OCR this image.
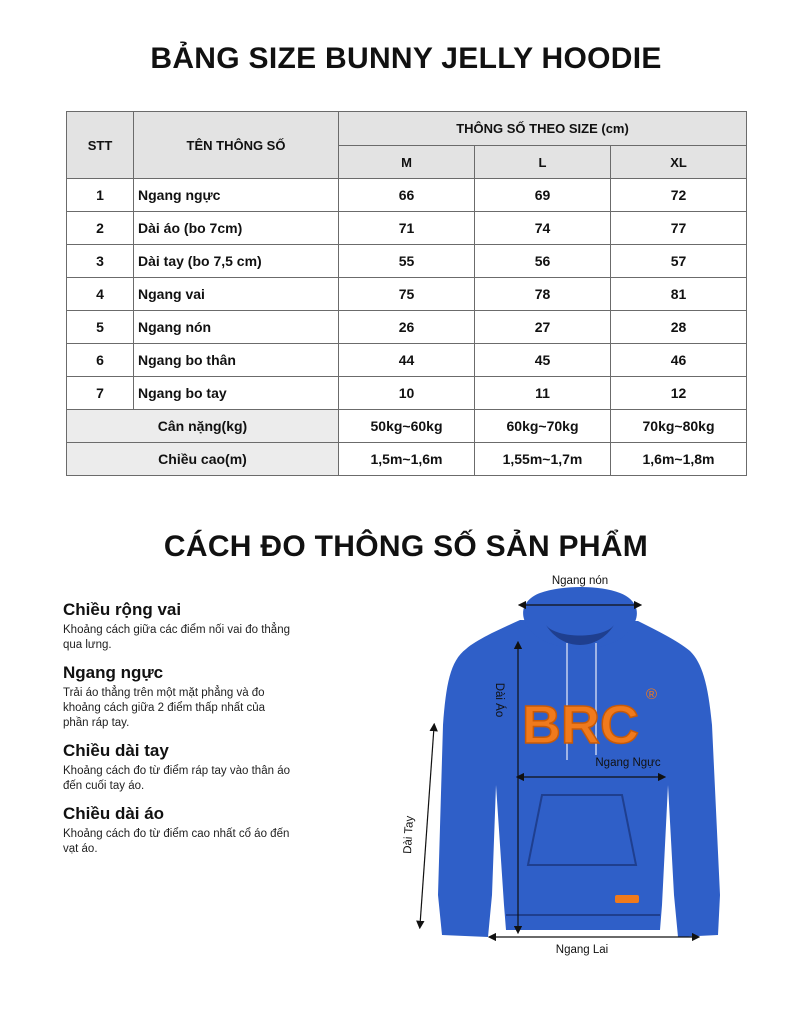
BẢNG SIZE BUNNY JELLY HOODIE
STT	TÊN THÔNG SỐ	THÔNG SỐ THEO SIZE (cm)		
		M	L	XL
1	Ngang ngực	66	69	72
2	Dài áo (bo 7cm)	71	74	77
3	Dài tay (bo 7,5 cm)	55	56	57
4	Ngang vai	75	78	81
5	Ngang nón	26	27	28
6	Ngang bo thân	44	45	46
7	Ngang bo tay	10	11	12
Cân nặng(kg)		50kg~60kg	60kg~70kg	70kg~80kg
Chiều cao(m)		1,5m~1,6m	1,55m~1,7m	1,6m~1,8m
CÁCH ĐO THÔNG SỐ SẢN PHẨM
Chiều rộng vai

Khoảng cách giữa các điểm nối vai đo thẳng qua lưng.

Ngang ngực

Trải áo thẳng trên một mặt phẳng và đo khoảng cách giữa 2 điểm thấp nhất của phần ráp tay.

Chiều dài tay

Khoảng cách đo từ điểm ráp tay vào thân áo đến cuối tay áo.

Chiều dài áo

Khoảng cách đo từ điểm cao nhất cổ áo đến vạt áo.

BRC
®
Ngang nón
Dài Áo
Ngang Ngực
Dài Tay
Ngang Lai
